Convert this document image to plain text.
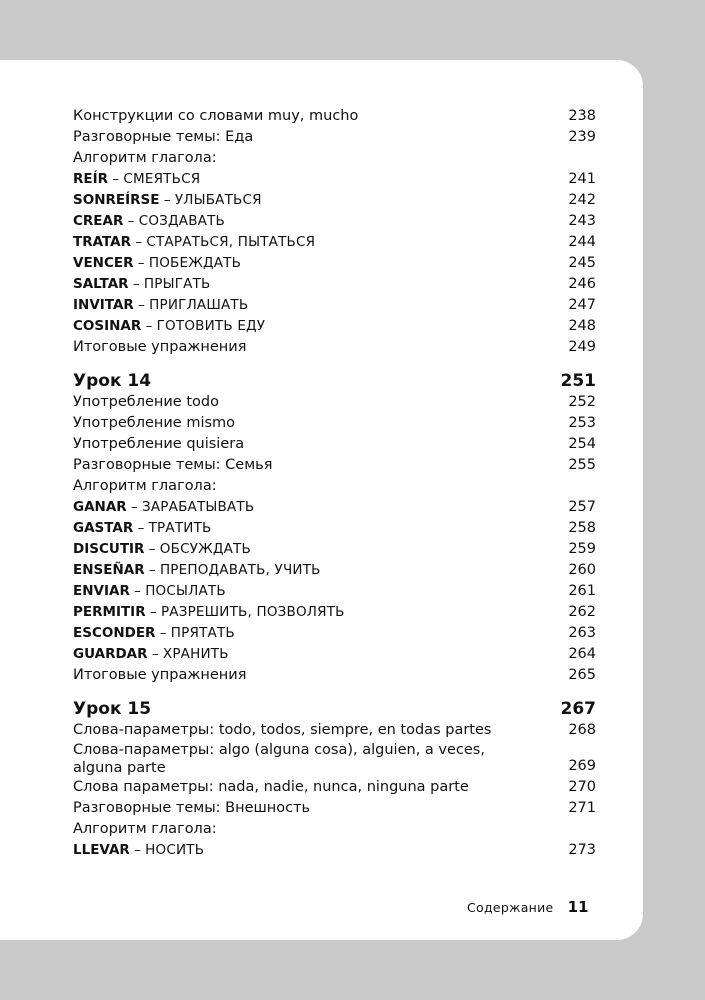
Конструкции со словами muy, mucho	238
Разговорные темы: Еда	239
Алгоритм глагола:
REÍR – СМЕЯТЬСЯ	241
SONREÍRSE – УЛЫБАТЬСЯ	242
CREAR – СОЗДАВАТЬ	243
TRATAR – СТАРАТЬСЯ, ПЫТАТЬСЯ	244
VENCER – ПОБЕЖДАТЬ	245
SALTAR – ПРЫГАТЬ	246
INVITAR – ПРИГЛАШАТЬ	247
COSINAR – ГОТОВИТЬ ЕДУ	248
Итоговые упражнения	249
Урок 14	251
Употребление todo	252
Употребление mismo	253
Употребление quisiera	254
Разговорные темы: Семья	255
Алгоритм глагола:
GANAR – ЗАРАБАТЫВАТЬ	257
GASTAR – ТРАТИТЬ	258
DISCUTIR – ОБСУЖДАТЬ	259
ENSEÑAR – ПРЕПОДАВАТЬ, УЧИТЬ	260
ENVIAR – ПОСЫЛАТЬ	261
PERMITIR – РАЗРЕШИТЬ, ПОЗВОЛЯТЬ	262
ESCONDER – ПРЯТАТЬ	263
GUARDAR – ХРАНИТЬ	264
Итоговые упражнения	265
Урок 15	267
Слова-параметры: todo, todos, siempre, en todas partes	268
Слова-параметры: algo (alguna cosa), alguien, a veces, alguna parte	269
Слова параметры: nada, nadie, nunca, ninguna parte	270
Разговорные темы: Внешность	271
Алгоритм глагола:
LLEVAR – НОСИТЬ	273
Содержание 11
